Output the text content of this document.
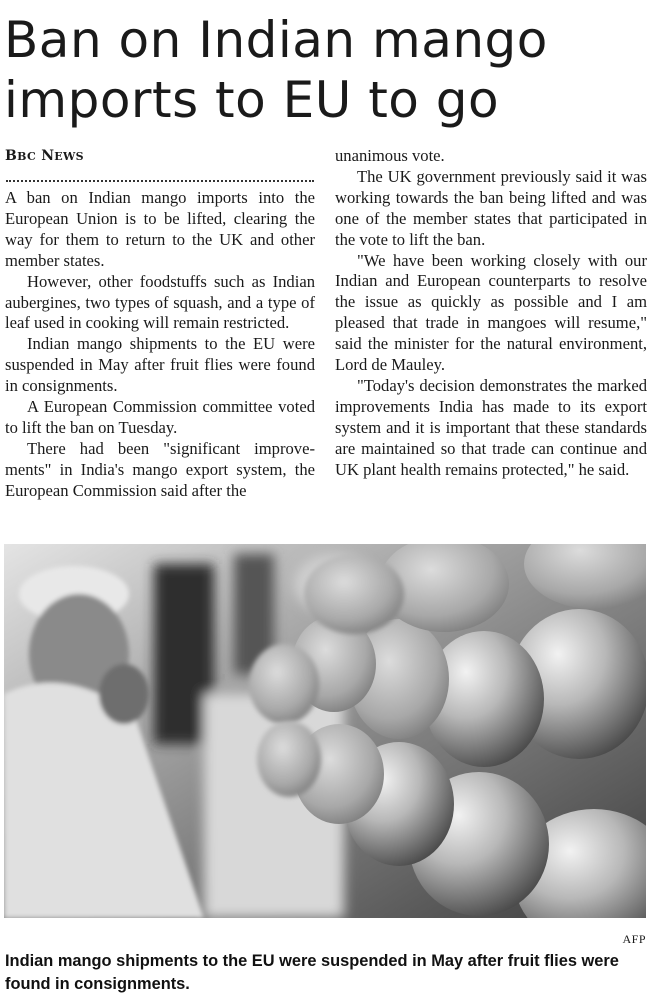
Ban on Indian mango
imports to EU to go
BBC NEWS

A ban on Indian mango imports into the European Union is to be lifted, clearing the way for them to return to the UK and other member states.

However, other foodstuffs such as Indian aubergines, two types of squash, and a type of leaf used in cooking will remain restricted.

Indian mango shipments to the EU were suspended in May after fruit flies were found in consignments.

A European Commission committee voted to lift the ban on Tuesday.

There had been "significant improve-ments" in India's mango export system, the European Commission said after the

unanimous vote.

The UK government previously said it was working towards the ban being lifted and was one of the member states that participated in the vote to lift the ban.

"We have been working closely with our Indian and European counterparts to resolve the issue as quickly as possible and I am pleased that trade in mangoes will resume," said the minister for the natural environment, Lord de Mauley.

"Today's decision demonstrates the marked improvements India has made to its export system and it is important that these standards are maintained so that trade can continue and UK plant health remains protected," he said.

AFP
Indian mango shipments to the EU were suspended in May after fruit flies were found in consignments.
